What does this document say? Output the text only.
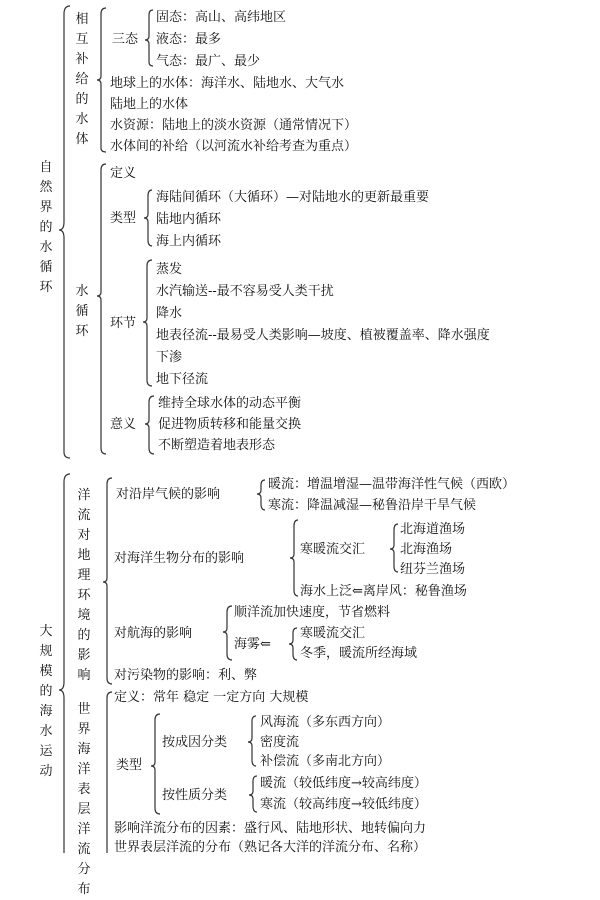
自然界的水循环
相互补给的水体
三态
固态：高山、高纬地区
液态：最多
气态：最广、最少
地球上的水体：海洋水、陆地水、大气水
陆地上的水体
水资源：陆地上的淡水资源（通常情况下）
水体间的补给（以河流水补给考查为重点）
水循环
定义
类型
海陆间循环（大循环）—对陆地水的更新最重要
陆地内循环
海上内循环
环节
蒸发
水汽输送--最不容易受人类干扰
降水
地表径流--最易受人类影响—坡度、植被覆盖率、降水强度
下渗
地下径流
意义
维持全球水体的动态平衡
促进物质转移和能量交换
不断塑造着地表形态
大规模的海水运动
洋流对地理环境的影响
对沿岸气候的影响
暖流：增温增湿—温带海洋性气候（西欧）
寒流：降温减湿—秘鲁沿岸干旱气候
对海洋生物分布的影响
寒暖流交汇
北海道渔场
北海渔场
纽芬兰渔场
海水上泛⇐离岸风：秘鲁渔场
对航海的影响
顺洋流加快速度，节省燃料
海雾⇐
寒暖流交汇
冬季，暖流所经海域
对污染物的影响：利、弊
世界海洋表层洋流分布
定义：常年 稳定 一定方向 大规模
类型
按成因分类
风海流（多东西方向）
密度流
补偿流（多南北方向）
按性质分类
暖流（较低纬度→较高纬度）
寒流（较高纬度→较低纬度）
影响洋流分布的因素：盛行风、陆地形状、地转偏向力
世界表层洋流的分布（熟记各大洋的洋流分布、名称）
